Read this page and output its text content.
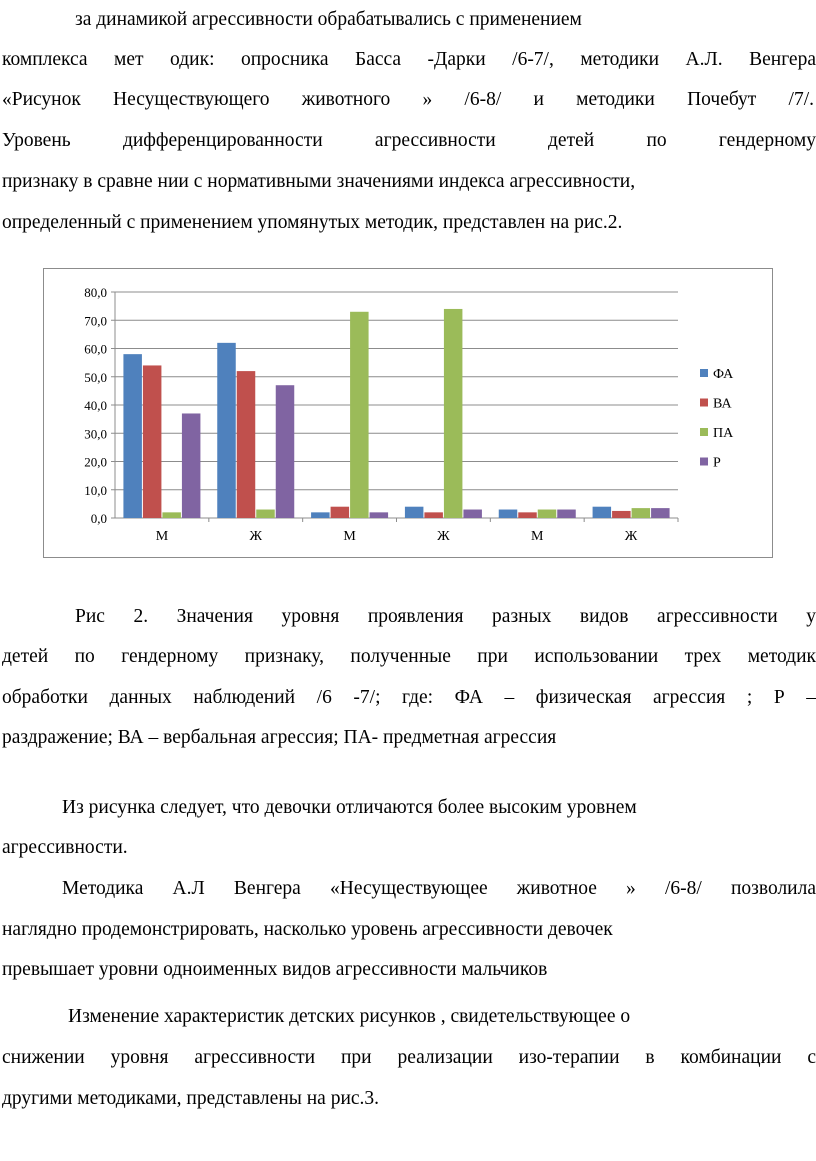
за динамикой агрессивности обрабатывались с применением
комплекса мет одик: опросника Басса -Дарки /6-7/, методики А.Л. Венгера
«Рисунок Несуществующего животного » /6-8/ и методики Почебут /7/.
Уровень дифференцированности агрессивности детей по гендерному
признаку в сравне нии с нормативными значениями индекса агрессивности,
определенный с применением упомянутых методик, представлен на рис.2.
0,0
10,0
20,0
30,0
40,0
50,0
60,0
70,0
80,0
М	Ж	М	Ж	М	Ж
ФА
ВА
ПА
Р
Рис 2. Значения уровня проявления разных видов агрессивности у
детей по гендерному признаку, полученные при использовании трех методик
обработки данных наблюдений /6 -7/; где: ФА – физическая агрессия ; Р –
раздражение; ВА – вербальная агрессия; ПА- предметная агрессия
Из рисунка следует, что девочки отличаются более высоким уровнем
агрессивности.
Методика А.Л Венгера «Несуществующее животное » /6-8/ позволила
наглядно продемонстрировать, насколько уровень агрессивности девочек
превышает уровни одноименных видов агрессивности мальчиков
Изменение характеристик детских рисунков , свидетельствующее о
снижении уровня агрессивности при реализации изо-терапии в комбинации с
другими методиками, представлены на рис.3.
